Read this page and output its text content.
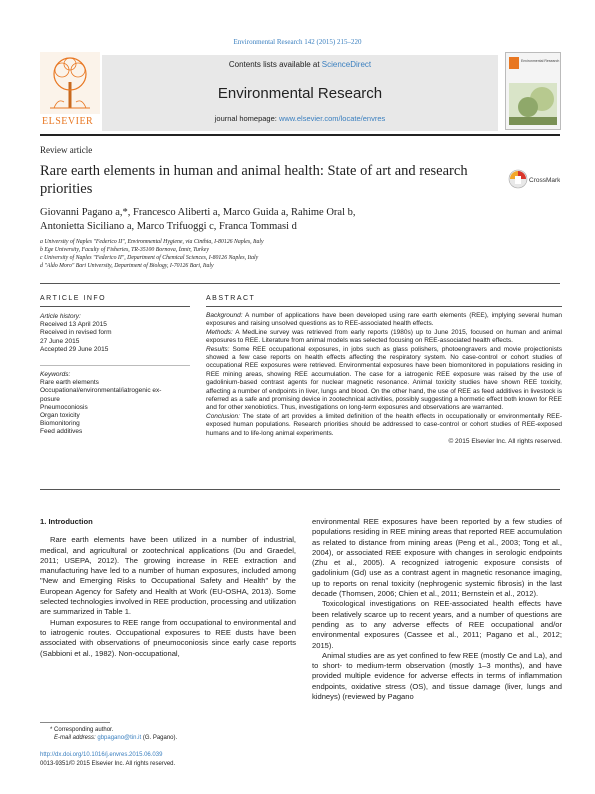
Environmental Research 142 (2015) 215–220
ELSEVIER
Contents lists available at ScienceDirect
Environmental Research
journal homepage: www.elsevier.com/locate/envres
Environmental Research
Review article
Rare earth elements in human and animal health: State of art and research priorities
CrossMark
Giovanni Pagano a,*, Francesco Aliberti a, Marco Guida a, Rahime Oral b,
Antonietta Siciliano a, Marco Trifuoggi c, Franca Tommasi d
a University of Naples "Federico II", Environmental Hygiene, via Cinthia, I-80126 Naples, Italy
b Ege University, Faculty of Fisheries, TR-35100 Bornova, İzmir, Turkey
c University of Naples "Federico II", Department of Chemical Sciences, I-80126 Naples, Italy
d "Aldo Moro" Bari University, Department of Biology, I-70126 Bari, Italy
ARTICLE INFO
Article history:
Received 13 April 2015
Received in revised form
27 June 2015
Accepted 29 June 2015
Keywords:
Rare earth elements
Occupational/environmental/iatrogenic ex-
posure
Pneumoconiosis
Organ toxicity
Biomonitoring
Feed additives
ABSTRACT

Background: A number of applications have been developed using rare earth elements (REE), implying several human exposures and raising unsolved questions as to REE-associated health effects.

Methods: A MedLine survey was retrieved from early reports (1980s) up to June 2015, focused on human and animal exposures to REE. Literature from animal models was selected focusing on REE-associated health effects.

Results: Some REE occupational exposures, in jobs such as glass polishers, photoengravers and movie projectionists showed a few case reports on health effects affecting the respiratory system. No case-control or cohort studies of occupational REE exposures were retrieved. Environmental exposures have been biomonitored in populations residing in REE mining areas, showing REE accumulation. The case for a iatrogenic REE exposure was raised by the use of gadolinium-based contrast agents for nuclear magnetic resonance. Animal toxicity studies have shown REE toxicity, affecting a number of endpoints in liver, lungs and blood. On the other hand, the use of REE as feed additives in livestock is referred as a safe and promising device in zootechnical activities, possibly suggesting a hormetic effect both known for REE and for other xenobiotics. Thus, investigations on long-term exposures and observations are warranted.

Conclusion: The state of art provides a limited definition of the health effects in occupationally or environmentally REE-exposed human populations. Research priorities should be addressed to case-control or cohort studies of REE-exposed humans and to life-long animal experiments.

© 2015 Elsevier Inc. All rights reserved.

1. Introduction

Rare earth elements have been utilized in a number of industrial, medical, and agricultural or zootechnical applications (Du and Graedel, 2011; USEPA, 2012). The growing increase in REE extraction and manufacturing have led to a number of human exposures, included among "New and Emerging Risks to Occupational Safety and Health" by the European Agency for Safety and Health at Work (EU-OSHA, 2013). Some selected technologies involved in REE production, processing and utilization are summarized in Table 1.

Human exposures to REE range from occupational to environmental and to iatrogenic routes. Occupational exposures to REE dusts have been associated with observations of pneumoconiosis since early case reports (Sabbioni et al., 1982). Non-occupational,

environmental REE exposures have been reported by a few studies of populations residing in REE mining areas that reported REE accumulation as related to distance from mining areas (Peng et al., 2003; Tong et al., 2004), or associated REE exposure with changes in serologic endpoints (Zhu et al., 2005). A recognized iatrogenic exposure consists of gadolinium (Gd) use as a contrast agent in magnetic resonance imaging, up to reports on renal toxicity (nephrogenic systemic fibrosis) in the last decade (Thomsen, 2006; Chien et al., 2011; Bernstein et al., 2012).

Toxicological investigations on REE-associated health effects have been relatively scarce up to recent years, and a number of questions are pending as to any adverse effects of REE occupational and/or environmental exposures (Cassee et al., 2011; Pagano et al., 2012; 2015).

Animal studies are as yet confined to few REE (mostly Ce and La), and to short- to medium-term observation (mostly 1–3 months), and have provided multiple evidence for adverse effects in terms of inflammation endpoints, oxidative stress (OS), and tissue damage (liver, lungs and kidneys) (reviewed by Pagano

* Corresponding author.
E-mail address: gbpagano@tin.it (G. Pagano).
http://dx.doi.org/10.1016/j.envres.2015.06.039
0013-9351/© 2015 Elsevier Inc. All rights reserved.
